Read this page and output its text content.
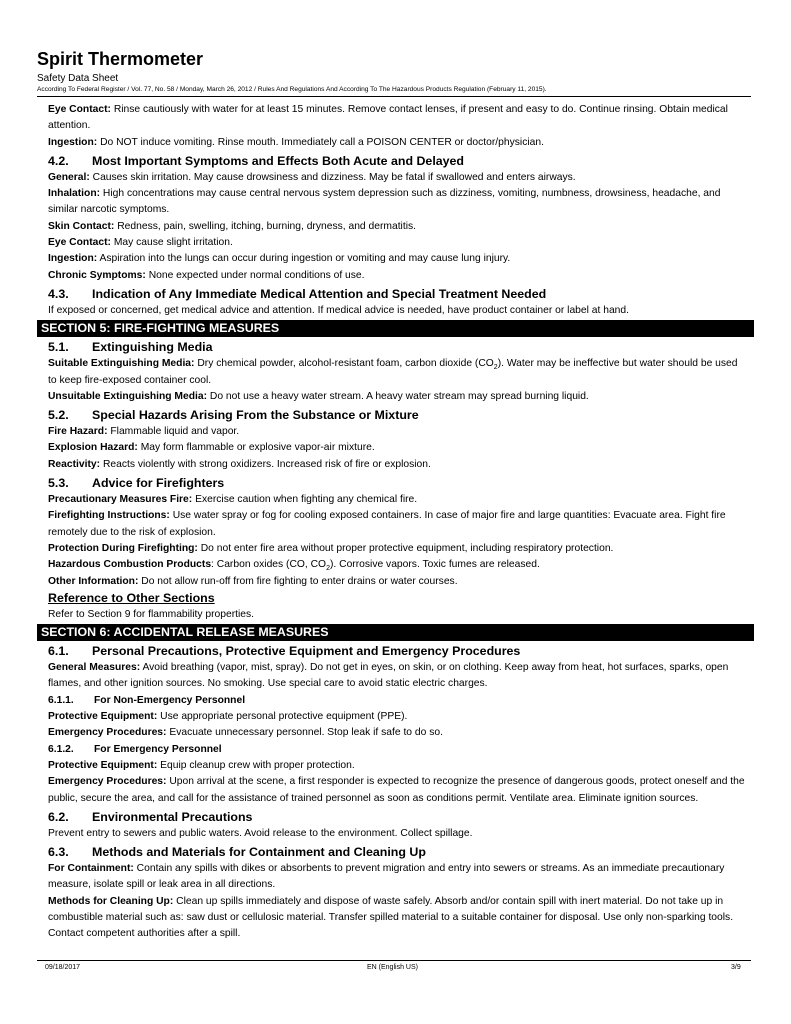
Spirit Thermometer
Safety Data Sheet
According To Federal Register / Vol. 77, No. 58 / Monday, March 26, 2012 / Rules And Regulations And According To The Hazardous Products Regulation (February 11, 2015).

Eye Contact: Rinse cautiously with water for at least 15 minutes. Remove contact lenses, if present and easy to do. Continue rinsing. Obtain medical attention.

Ingestion: Do NOT induce vomiting. Rinse mouth. Immediately call a POISON CENTER or doctor/physician.

4.2. Most Important Symptoms and Effects Both Acute and Delayed

General: Causes skin irritation. May cause drowsiness and dizziness. May be fatal if swallowed and enters airways.

Inhalation: High concentrations may cause central nervous system depression such as dizziness, vomiting, numbness, drowsiness, headache, and similar narcotic symptoms.

Skin Contact: Redness, pain, swelling, itching, burning, dryness, and dermatitis.

Eye Contact: May cause slight irritation.

Ingestion: Aspiration into the lungs can occur during ingestion or vomiting and may cause lung injury.

Chronic Symptoms: None expected under normal conditions of use.

4.3. Indication of Any Immediate Medical Attention and Special Treatment Needed

If exposed or concerned, get medical advice and attention. If medical advice is needed, have product container or label at hand.

SECTION 5: FIRE-FIGHTING MEASURES
5.1. Extinguishing Media

Suitable Extinguishing Media: Dry chemical powder, alcohol-resistant foam, carbon dioxide $(CO_2)$. Water may be ineffective but water should be used to keep fire-exposed container cool.

Unsuitable Extinguishing Media: Do not use a heavy water stream. A heavy water stream may spread burning liquid.

5.2. Special Hazards Arising From the Substance or Mixture

Fire Hazard: Flammable liquid and vapor.

Explosion Hazard: May form flammable or explosive vapor-air mixture.

Reactivity: Reacts violently with strong oxidizers. Increased risk of fire or explosion.

5.3. Advice for Firefighters

Precautionary Measures Fire: Exercise caution when fighting any chemical fire.

Firefighting Instructions: Use water spray or fog for cooling exposed containers. In case of major fire and large quantities: Evacuate area. Fight fire remotely due to the risk of explosion.

Protection During Firefighting: Do not enter fire area without proper protective equipment, including respiratory protection.

Hazardous Combustion Products: Carbon oxides (CO, $CO_2$). Corrosive vapors. Toxic fumes are released.

Other Information: Do not allow run-off from fire fighting to enter drains or water courses.

Reference to Other Sections

Refer to Section 9 for flammability properties.

SECTION 6: ACCIDENTAL RELEASE MEASURES
6.1. Personal Precautions, Protective Equipment and Emergency Procedures

General Measures: Avoid breathing (vapor, mist, spray). Do not get in eyes, on skin, or on clothing. Keep away from heat, hot surfaces, sparks, open flames, and other ignition sources. No smoking. Use special care to avoid static electric charges.

6.1.1. For Non-Emergency Personnel

Protective Equipment: Use appropriate personal protective equipment (PPE).

Emergency Procedures: Evacuate unnecessary personnel. Stop leak if safe to do so.

6.1.2. For Emergency Personnel

Protective Equipment: Equip cleanup crew with proper protection.

Emergency Procedures: Upon arrival at the scene, a first responder is expected to recognize the presence of dangerous goods, protect oneself and the public, secure the area, and call for the assistance of trained personnel as soon as conditions permit. Ventilate area. Eliminate ignition sources.

6.2. Environmental Precautions

Prevent entry to sewers and public waters. Avoid release to the environment. Collect spillage.

6.3. Methods and Materials for Containment and Cleaning Up

For Containment: Contain any spills with dikes or absorbents to prevent migration and entry into sewers or streams. As an immediate precautionary measure, isolate spill or leak area in all directions.

Methods for Cleaning Up: Clean up spills immediately and dispose of waste safely. Absorb and/or contain spill with inert material. Do not take up in combustible material such as: saw dust or cellulosic material. Transfer spilled material to a suitable container for disposal. Use only non-sparking tools. Contact competent authorities after a spill.

09/18/2017	EN (English US)	3/9
